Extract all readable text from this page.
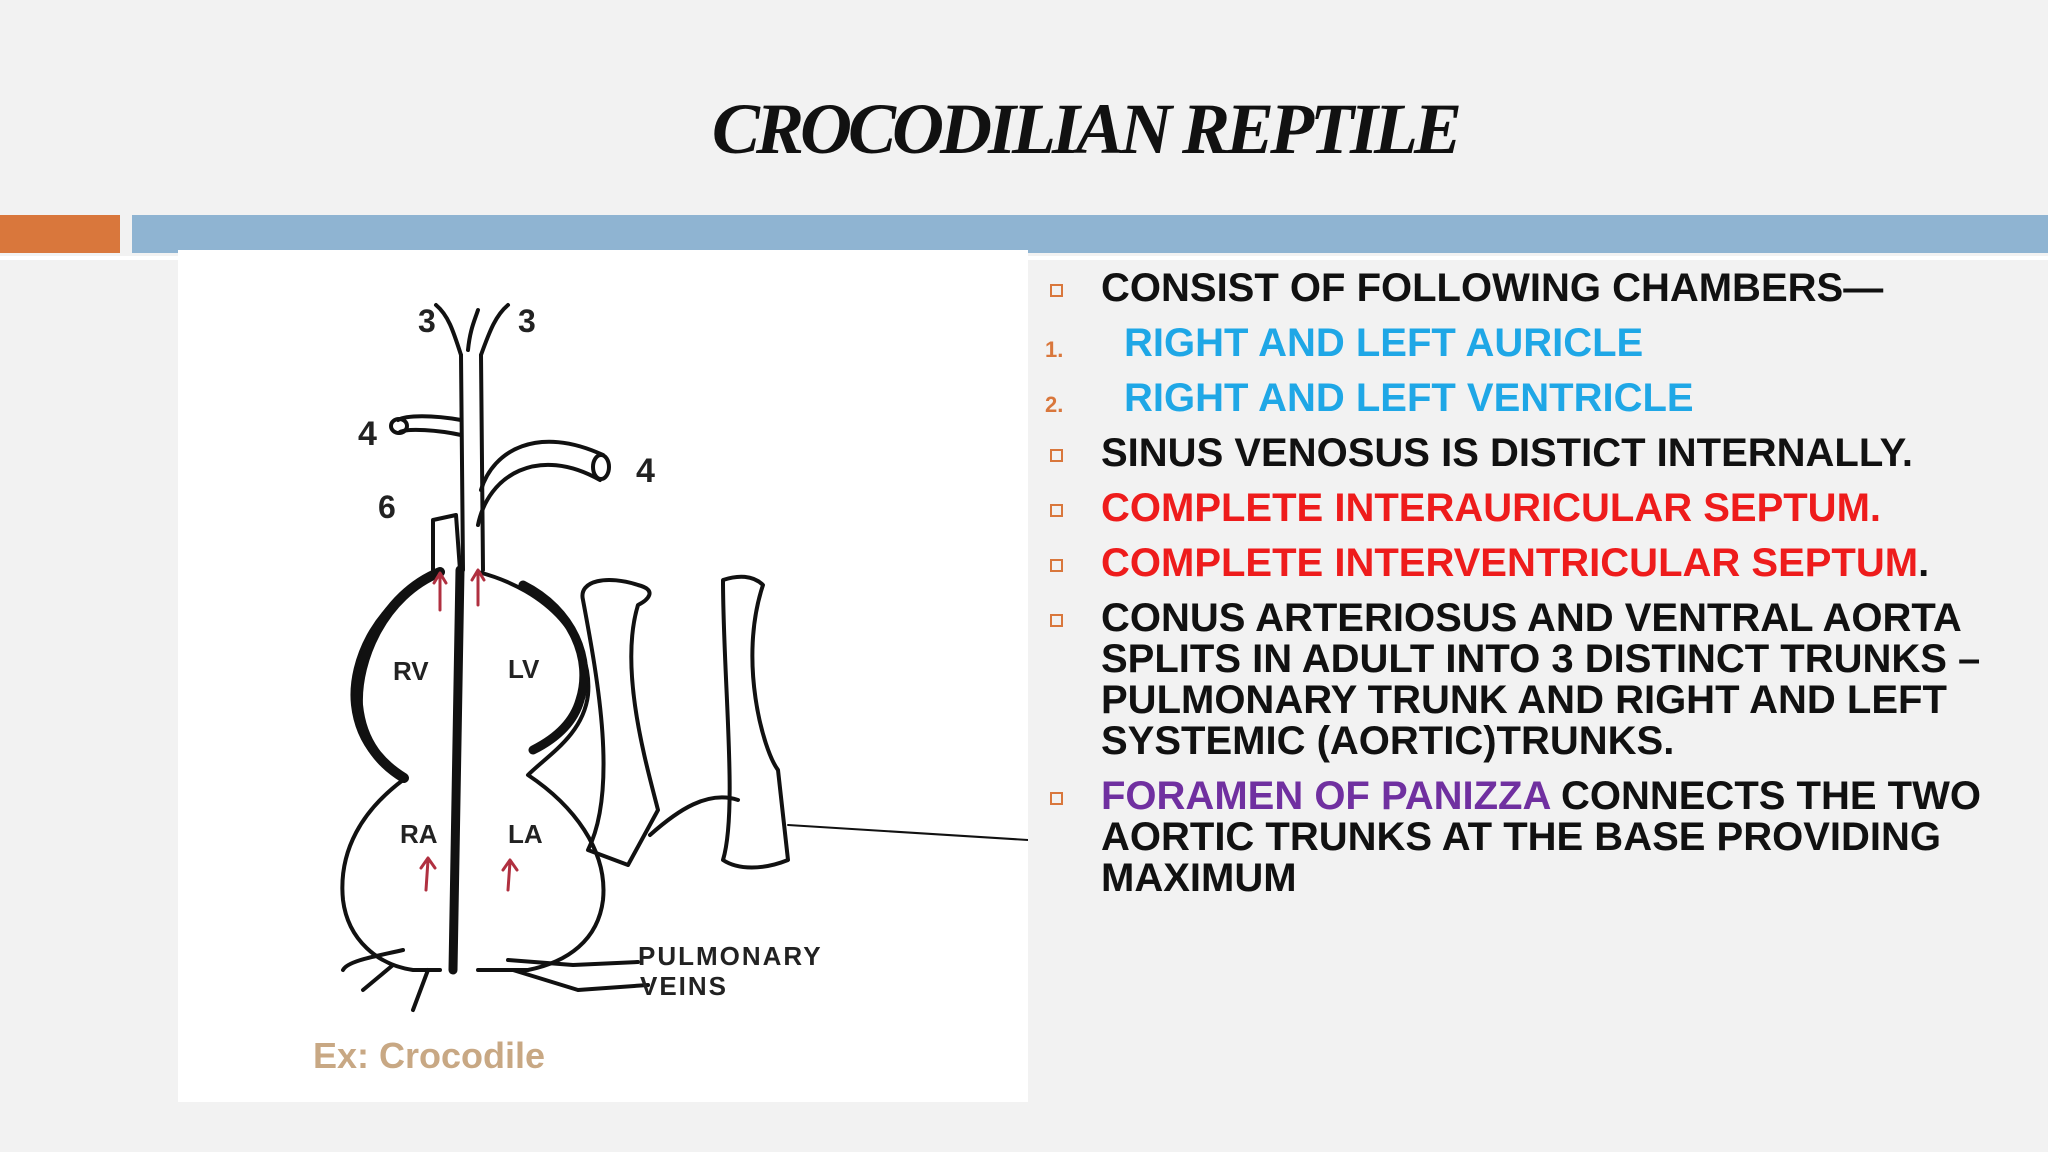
CROCODILIAN REPTILE
3	3
4
4
6
RV	LV
RA	LA
PULMONARY
VEINS
Ex: Crocodile
CONSIST OF FOLLOWING CHAMBERS—
1. RIGHT AND LEFT AURICLE
2. RIGHT AND LEFT VENTRICLE
SINUS VENOSUS IS DISTICT INTERNALLY.
COMPLETE INTERAURICULAR SEPTUM.
COMPLETE INTERVENTRICULAR SEPTUM.
CONUS ARTERIOSUS AND VENTRAL AORTA SPLITS IN ADULT INTO 3 DISTINCT TRUNKS – PULMONARY TRUNK AND RIGHT AND LEFT SYSTEMIC (AORTIC)TRUNKS.
FORAMEN OF PANIZZA CONNECTS THE TWO AORTIC TRUNKS AT THE BASE PROVIDING MAXIMUM
